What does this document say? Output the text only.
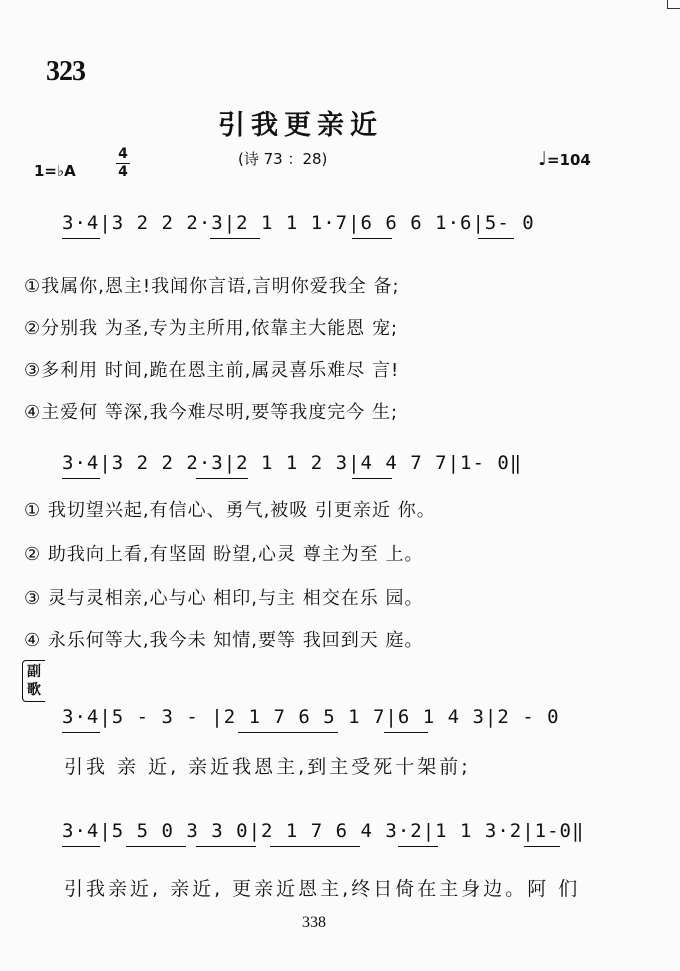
323
引我更亲近
(诗 73 ：28)
1=♭A
4
4
♩=104
3·4|3 2 2 2·3|2 1 1 1·7|6 6 6 1·6|5- 0
①我属你,恩主!我闻你言语,言明你爱我全 备;
②分别我 为圣,专为主所用,依靠主大能恩 宠;
③多利用 时间,跪在恩主前,属灵喜乐难尽 言!
④主爱何 等深,我今难尽明,要等我度完今 生;
3·4|3 2 2 2·3|2 1 1 2 3|4 4 7 7|1- 0‖
① 我切望兴起,有信心、勇气,被吸 引更亲近 你。
② 助我向上看,有坚固 盼望,心灵 尊主为至 上。
③ 灵与灵相亲,心与心 相印,与主 相交在乐 园。
④ 永乐何等大,我今未 知情,要等 我回到天 庭。
副歌
3·4|5 - 3 - |2 1 7 6 5 1 7|6 1 4 3|2 - 0
引我 亲 近, 亲近我恩主,到主受死十架前;
3·4|5 5 0 3 3 0|2 1 7 6 4 3·2|1 1 3·2|1-0‖
引我亲近, 亲近, 更亲近恩主,终日倚在主身边。阿 们
338
